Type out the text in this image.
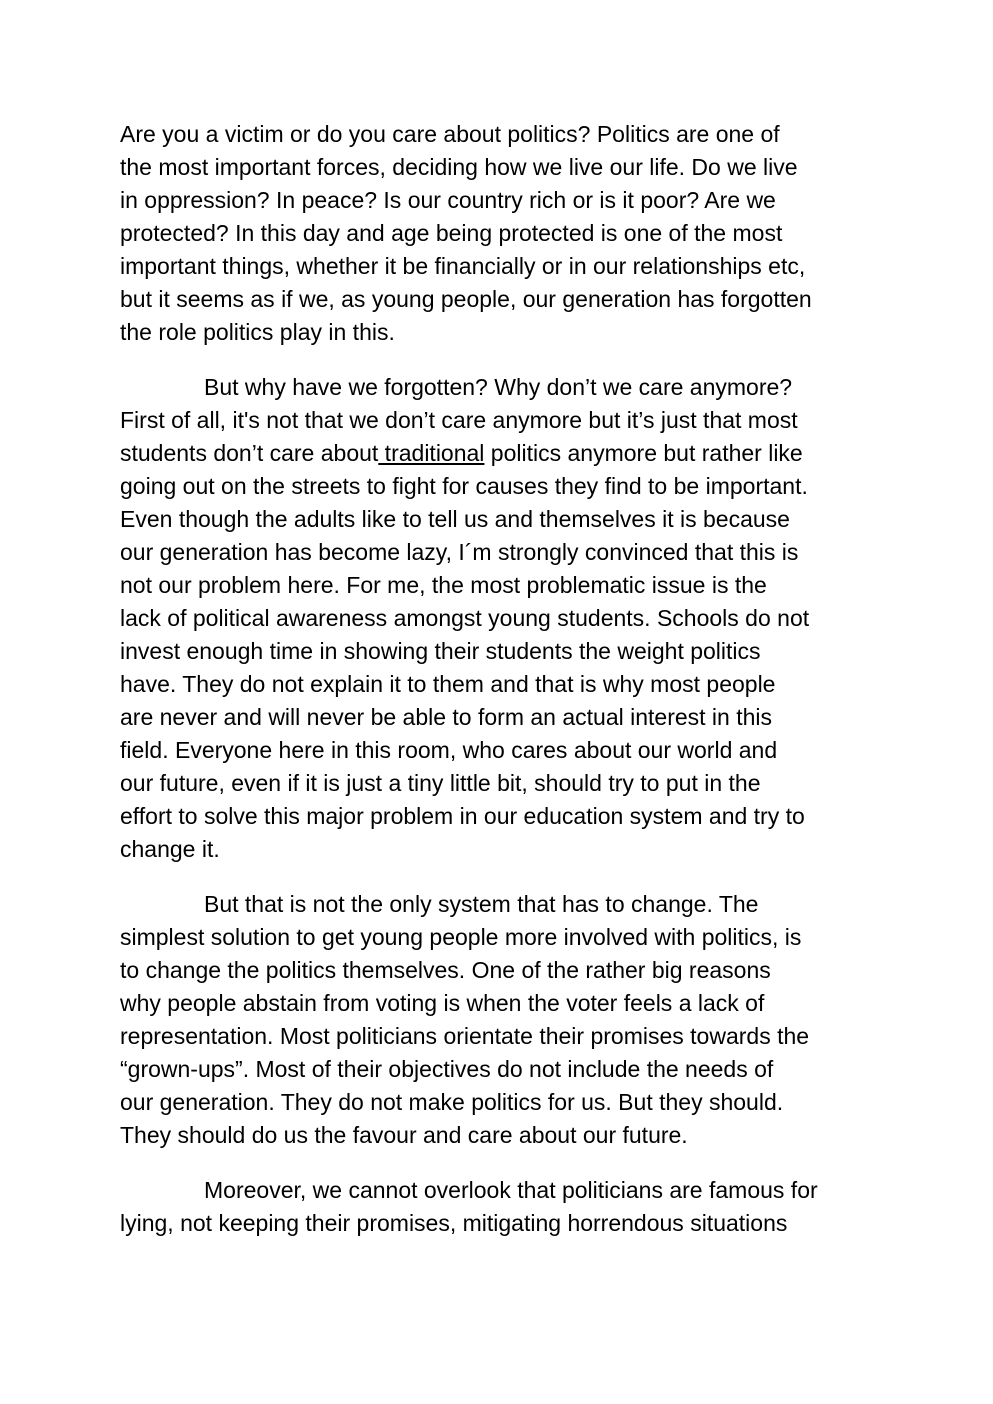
Are you a victim or do you care about politics? Politics are one of
the most important forces, deciding how we live our life. Do we live
in oppression? In peace? Is our country rich or is it poor? Are we
protected? In this day and age being protected is one of the most
important things, whether it be financially or in our relationships etc,
but it seems as if we, as young people, our generation has forgotten
the role politics play in this.

But why have we forgotten? Why don’t we care anymore?
First of all, it's not that we don’t care anymore but it’s just that most
students don’t care about traditional politics anymore but rather like
going out on the streets to fight for causes they find to be important.
Even though the adults like to tell us and themselves it is because
our generation has become lazy, I´m strongly convinced that this is
not our problem here. For me, the most problematic issue is the
lack of political awareness amongst young students. Schools do not
invest enough time in showing their students the weight politics
have. They do not explain it to them and that is why most people
are never and will never be able to form an actual interest in this
field. Everyone here in this room, who cares about our world and
our future, even if it is just a tiny little bit, should try to put in the
effort to solve this major problem in our education system and try to
change it.

But that is not the only system that has to change. The
simplest solution to get young people more involved with politics, is
to change the politics themselves. One of the rather big reasons
why people abstain from voting is when the voter feels a lack of
representation. Most politicians orientate their promises towards the
“grown-ups”. Most of their objectives do not include the needs of
our generation. They do not make politics for us. But they should.
They should do us the favour and care about our future.

Moreover, we cannot overlook that politicians are famous for
lying, not keeping their promises, mitigating horrendous situations
